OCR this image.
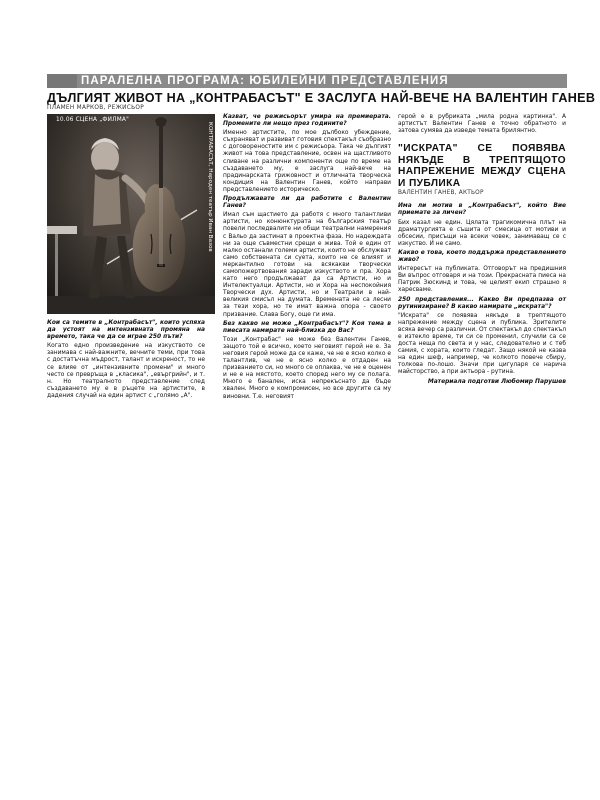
ПАРАЛЕЛНА ПРОГРАМА: ЮБИЛЕЙНИ ПРЕДСТАВЛЕНИЯ
ДЪЛГИЯТ ЖИВОТ НА „КОНТРАБАСЪТ" Е ЗАСЛУГА НАЙ-ВЕЧЕ НА ВАЛЕНТИН ГАНЕВ
ПЛАМЕН МАРКОВ, РЕЖИСЬОР
10.06 СЦЕНА „ФИЛМА"
КОНТРАБАСЪТ, Народен театър Иван Вазов

Кои са темите в „Контрабасът", които успяха да устоят на интензивната промяна на времето, така че да се играе 250 пъти?

Когато едно произведение на изкуството се занимава с най-важните, вечните теми, при това с достатъчна мъдрост, талант и искреност, то не се влияе от „интензивните промени" и много често се превръща в „класика", „евъргрийн", и т. н. Но театралното представление след създаването му е в ръцете на артистите, в дадения случай на един артист с „голямо „А".

Казват, че режисьорът умира на премиерата. Промените ли нещо през годините?

Именно артистите, по мое дълбоко убеждение, съхраняват и развиват готовия спектакъл съобразно с договореностите им с режисьора. Така че дългият живот на това представление, освен на щастливото сливане на различни компоненти още по време на създаването му, е заслуга най-вече на прадинарската грижовност и отличната творческа кондиция на Валентин Ганев, който направи представлението историческо.

Продължавате ли да работите с Валентин Ганев?

Имал съм щастието да работя с много талантливи артисти, но конюнктурата на българския театър повели последвалите ни общи театрални намерения с Вальо да застинат в проектна фаза. Но надеждата ни за още съвместни срещи е жива. Той е един от малко останали големи артисти, които не обслужват само собствената си суета, които не се влияят и меркантилно готови на всякакви творчески самопожертвования заради изкуството и пра. Хора като него продължават да са Артисти, но и Интелектуалци. Артисти, но и Хора на неспокойния Творчески дух. Артисти, но и Театрали в най-великия смисъл на думата. Времената не са лесни за тези хора, но те имат важна опора - своето призвание. Слава Богу, още ги има.

Без какво не може „Контрабасът"? Коя тема в пиесата намирате най-близка до Вас?

Този „Контрабас" не може без Валентин Ганев, защото той е всичко, което неговият герой не е. За неговия герой може да се каже, че не е ясно колко е талантлив, че не е ясно колко е отдаден на призванието си, но много се оплаква, че не е оценен и не е на мястото, което според него му се полага. Много е банален, иска непрекъснато да бъде хвален. Много е компромисен, но все другите са му виновни. Т.е. неговият

герой е в рубриката „мила родна картинка". А артистът Валентин Ганев е точно обратното и затова сумява да изведе темата брилянтно.

"ИСКРАТА" СЕ ПОЯВЯВА НЯКЪДЕ В ТРЕПТЯЩОТО НАПРЕЖЕНИЕ МЕЖДУ СЦЕНА И ПУБЛИКА
ВАЛЕНТИН ГАНЕВ, АКТЬОР

Има ли мотив в „Контрабасът", който Вие приемате за личен?

Бих казал не един. Цялата трагикомична плът на драматургията е съшита от смесица от мотиви и обсесии, присъщи на всеки човек, занимаващ се с изкуство. И не само.

Какво е това, което поддържа представлението живо?

Интересът на публиката. Отговорът на предишния Ви въпрос отговаря и на този. Прекрасната пиеса на Патрик Зюскинд и това, че целият екип страшно я харесваме.

250 представления... Какво Ви предпазва от рутинизиране? В какво намирате „искрата"?

"Искрата" се появява някъде в трептящото напрежение между сцена и публика. Зрителите всяка вечер са различни. От спектакъл до спектакъл е изтекло време, ти си се променил, случили са се доста неща по света и у нас, следователно и с теб самия, с хората, които гледат. Защо някой не казва на един шеф, например, че колкото повече сбиру, толкова по-лошо. Значи при цигуларя се нарича майсторство, а при актьора - рутина.

Материала подготви Любомир Парушев
